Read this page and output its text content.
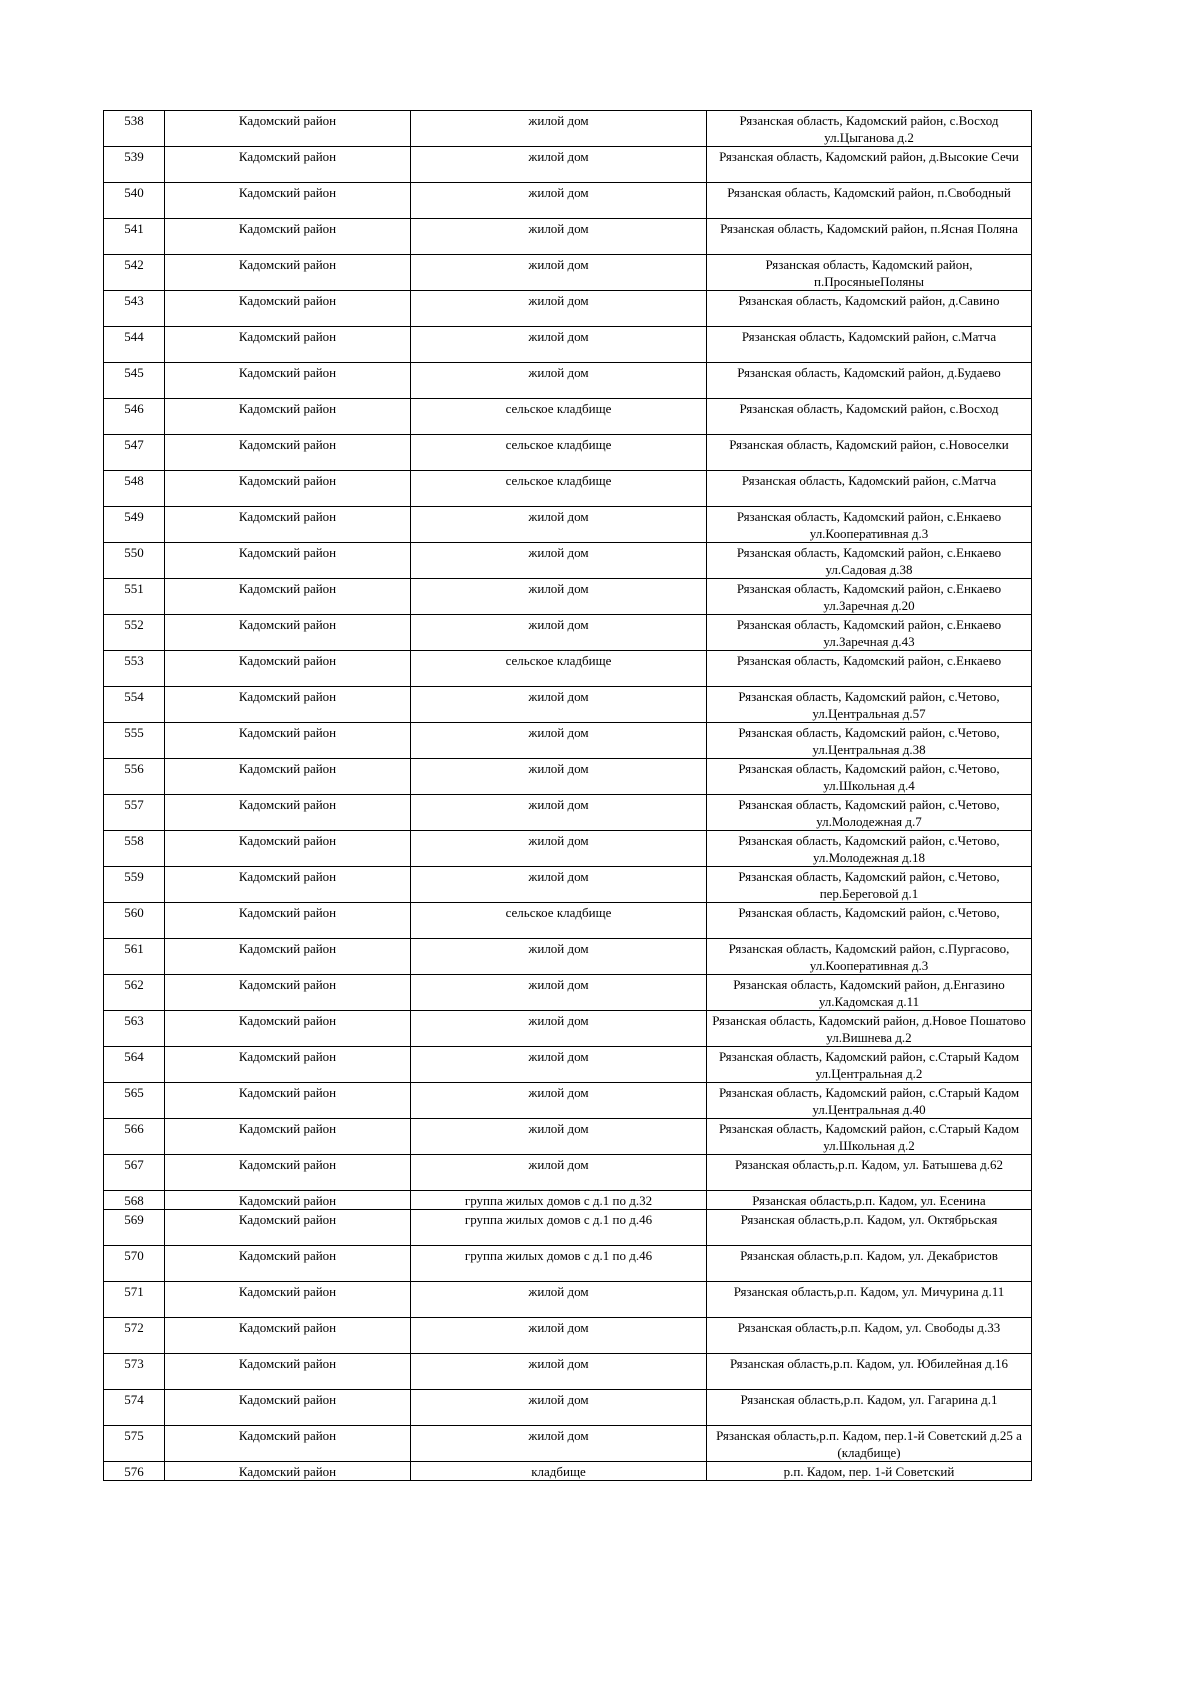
538	Кадомский район	жилой дом	Рязанская область, Кадомский район, с.Восход ул.Цыганова д.2
539	Кадомский район	жилой дом	Рязанская область, Кадомский район, д.Высокие Сечи
540	Кадомский район	жилой дом	Рязанская область, Кадомский район, п.Свободный
541	Кадомский район	жилой дом	Рязанская область, Кадомский район, п.Ясная Поляна
542	Кадомский район	жилой дом	Рязанская область, Кадомский район, п.ПросяныеПоляны
543	Кадомский район	жилой дом	Рязанская область, Кадомский район, д.Савино
544	Кадомский район	жилой дом	Рязанская область, Кадомский район, с.Матча
545	Кадомский район	жилой дом	Рязанская область, Кадомский район, д.Будаево
546	Кадомский район	сельское кладбище	Рязанская область, Кадомский район, с.Восход
547	Кадомский район	сельское кладбище	Рязанская область, Кадомский район, с.Новоселки
548	Кадомский район	сельское кладбище	Рязанская область, Кадомский район, с.Матча
549	Кадомский район	жилой дом	Рязанская область, Кадомский район, с.Енкаево ул.Кооперативная д.3
550	Кадомский район	жилой дом	Рязанская область, Кадомский район, с.Енкаево ул.Садовая д.38
551	Кадомский район	жилой дом	Рязанская область, Кадомский район, с.Енкаево ул.Заречная д.20
552	Кадомский район	жилой дом	Рязанская область, Кадомский район, с.Енкаево ул.Заречная д.43
553	Кадомский район	сельское кладбище	Рязанская область, Кадомский район, с.Енкаево
554	Кадомский район	жилой дом	Рязанская область, Кадомский район, с.Четово, ул.Центральная д.57
555	Кадомский район	жилой дом	Рязанская область, Кадомский район, с.Четово, ул.Центральная д.38
556	Кадомский район	жилой дом	Рязанская область, Кадомский район, с.Четово, ул.Школьная д.4
557	Кадомский район	жилой дом	Рязанская область, Кадомский район, с.Четово, ул.Молодежная д.7
558	Кадомский район	жилой дом	Рязанская область, Кадомский район, с.Четово, ул.Молодежная д.18
559	Кадомский район	жилой дом	Рязанская область, Кадомский район, с.Четово, пер.Береговой д.1
560	Кадомский район	сельское кладбище	Рязанская область, Кадомский район, с.Четово,
561	Кадомский район	жилой дом	Рязанская область, Кадомский район, с.Пургасово, ул.Кооперативная д.3
562	Кадомский район	жилой дом	Рязанская область, Кадомский район, д.Енгазино ул.Кадомская д.11
563	Кадомский район	жилой дом	Рязанская область, Кадомский район, д.Новое Пошатово ул.Вишнева д.2
564	Кадомский район	жилой дом	Рязанская область, Кадомский район, с.Старый Кадом ул.Центральная д.2
565	Кадомский район	жилой дом	Рязанская область, Кадомский район, с.Старый Кадом ул.Центральная д.40
566	Кадомский район	жилой дом	Рязанская область, Кадомский район, с.Старый Кадом ул.Школьная д.2
567	Кадомский район	жилой дом	Рязанская область,р.п. Кадом, ул. Батышева д.62
568	Кадомский район	группа жилых домов с д.1 по д.32	Рязанская область,р.п. Кадом, ул. Есенина
569	Кадомский район	группа жилых домов с д.1 по д.46	Рязанская область,р.п. Кадом, ул. Октябрьская
570	Кадомский район	группа жилых домов с д.1 по д.46	Рязанская область,р.п. Кадом, ул. Декабристов
571	Кадомский район	жилой дом	Рязанская область,р.п. Кадом, ул. Мичурина д.11
572	Кадомский район	жилой дом	Рязанская область,р.п. Кадом, ул. Свободы д.33
573	Кадомский район	жилой дом	Рязанская область,р.п. Кадом, ул. Юбилейная д.16
574	Кадомский район	жилой дом	Рязанская область,р.п. Кадом, ул. Гагарина д.1
575	Кадомский район	жилой дом	Рязанская область,р.п. Кадом, пер.1-й Советский д.25 а (кладбище)
576	Кадомский район	кладбище	р.п. Кадом, пер. 1-й Советский
